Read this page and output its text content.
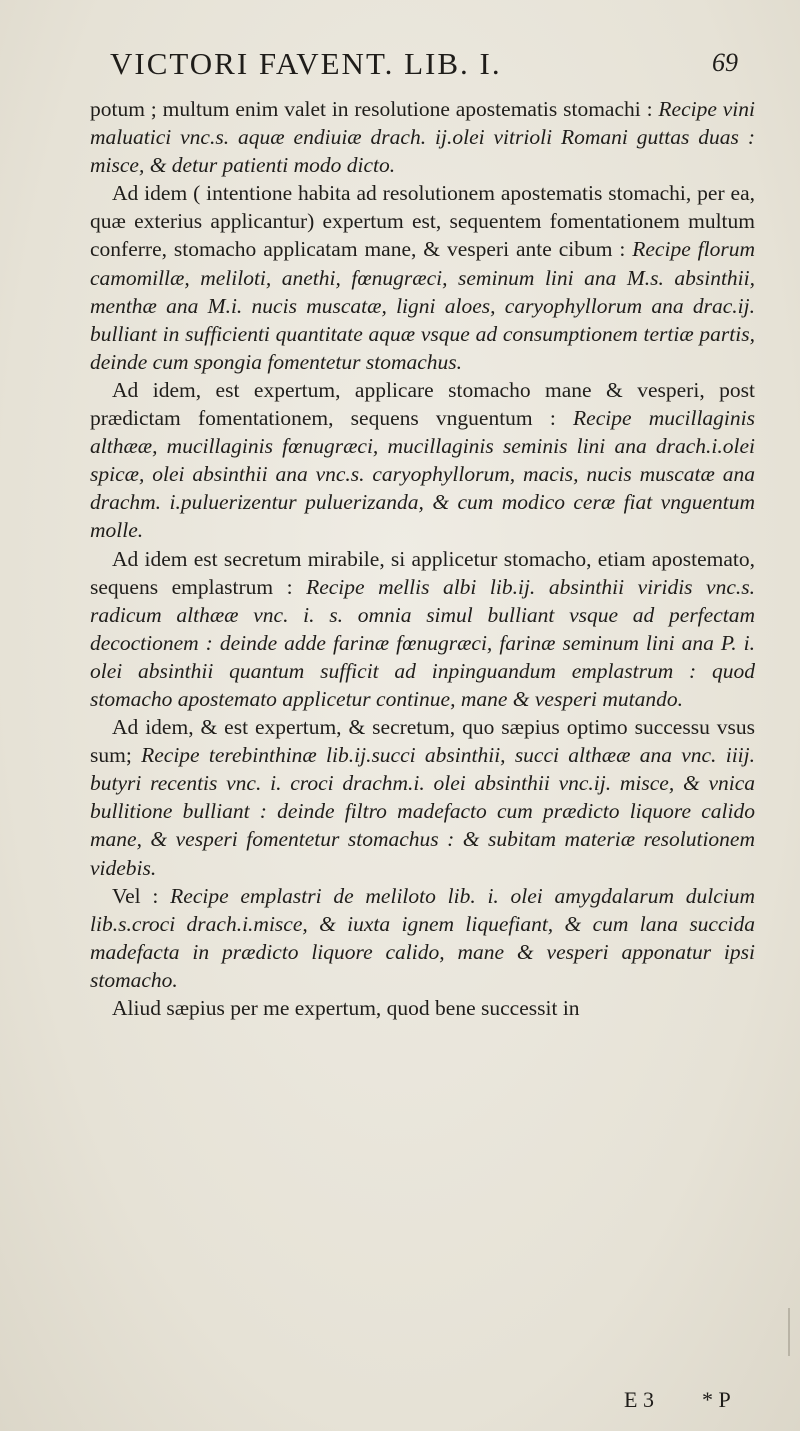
VICTORI FAVENT. LIB. I.	69

potum ; multum enim valet in resolutione apostematis stomachi : Recipe vini maluatici vnc.s. aquæ endiuiæ drach. ij.olei vitrioli Romani guttas duas : misce, & detur patienti modo dicto.

Ad idem ( intentione habita ad resolutionem apostematis stomachi, per ea, quæ exterius applicantur) expertum est, sequentem fomentationem multum conferre, stomacho applicatam mane, & vesperi ante cibum : Recipe florum camomillæ, meliloti, anethi, fœnugræci, seminum lini ana M.s. absinthii, menthæ ana M.i. nucis muscatæ, ligni aloes, caryophyllorum ana drac.ij. bulliant in sufficienti quantitate aquæ vsque ad consumptionem tertiæ partis, deinde cum spongia fomentetur stomachus.

Ad idem, est expertum, applicare stomacho mane & vesperi, post prædictam fomentationem, sequens vnguentum : Recipe mucillaginis althææ, mucillaginis fœnugræci, mucillaginis seminis lini ana drach.i.olei spicæ, olei absinthii ana vnc.s. caryophyllorum, macis, nucis muscatæ ana drachm. i.puluerizentur puluerizanda, & cum modico ceræ fiat vnguentum molle.

Ad idem est secretum mirabile, si applicetur stomacho, etiam apostemato, sequens emplastrum : Recipe mellis albi lib.ij. absinthii viridis vnc.s. radicum althææ vnc. i. s. omnia simul bulliant vsque ad perfectam decoctionem : deinde adde farinæ fœnugræci, farinæ seminum lini ana P. i. olei absinthii quantum sufficit ad inpinguandum emplastrum : quod stomacho apostemato applicetur continue, mane & vesperi mutando.

Ad idem, & est expertum, & secretum, quo sæpius optimo successu vsus sum; Recipe terebinthinæ lib.ij.succi absinthii, succi althææ ana vnc. iiij. butyri recentis vnc. i. croci drachm.i. olei absinthii vnc.ij. misce, & vnica bullitione bulliant : deinde filtro madefacto cum prædicto liquore calido mane, & vesperi fomentetur stomachus : & subitam materiæ resolutionem videbis.

Vel : Recipe emplastri de meliloto lib. i. olei amygdalarum dulcium lib.s.croci drach.i.misce, & iuxta ignem liquefiant, & cum lana succida madefacta in prædicto liquore calido, mane & vesperi apponatur ipsi stomacho.

Aliud sæpius per me expertum, quod bene successit in

E 3 * P
